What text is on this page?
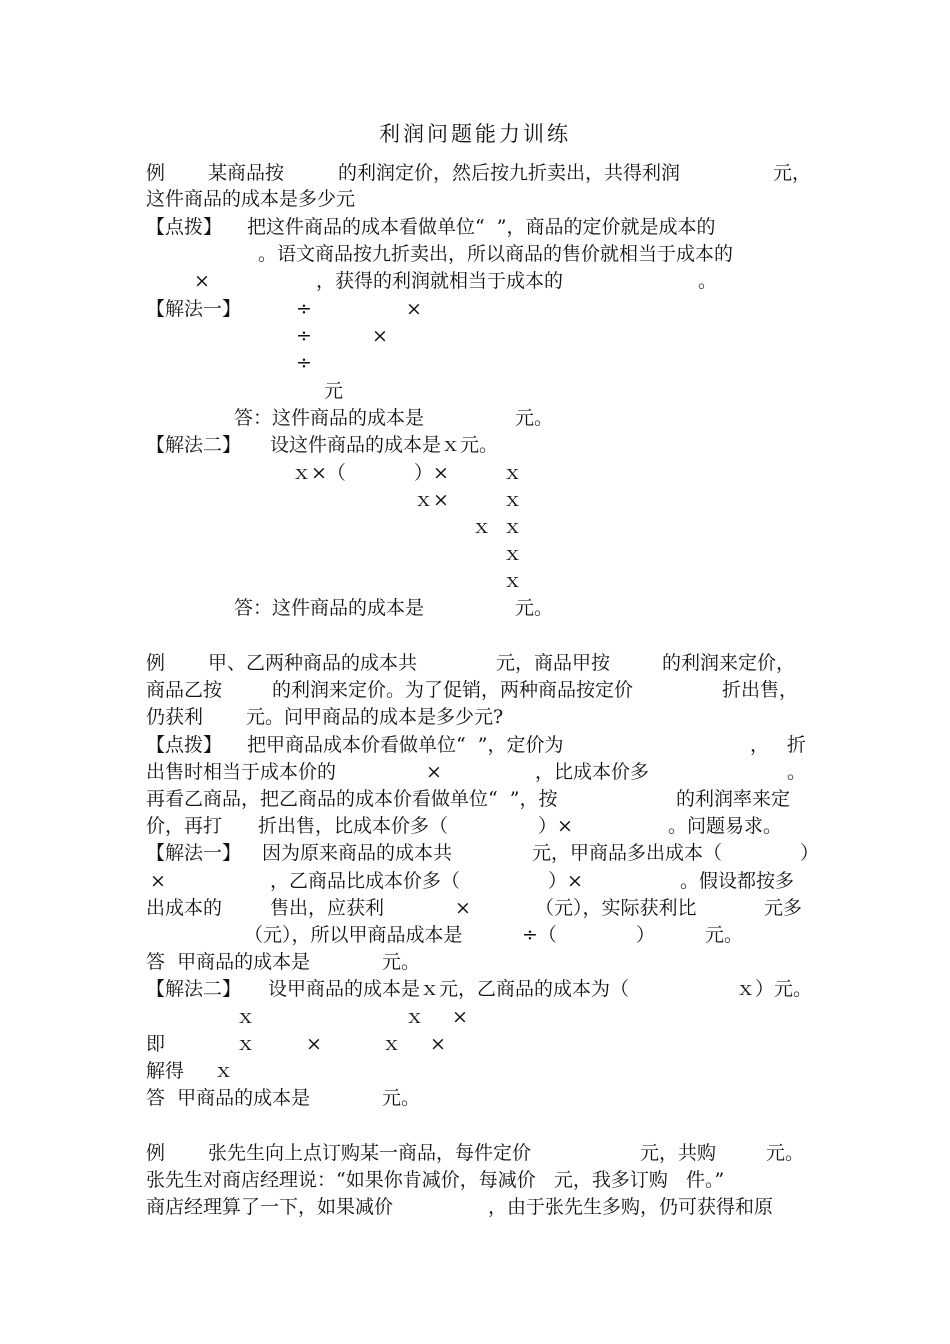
利润问题能力训练
例 某商品按	的利润定价，然后按九折卖出，共得利润	元，
这件商品的成本是多少元
【点拨】 把这件商品的成本看做单位“  ”，商品的定价就是成本的
。语文商品按九折卖出，所以商品的售价就相当于成本的
×	，获得的利润就相当于成本的	。
【解法一】	÷	×
÷	×
÷
元
答：这件商品的成本是	元。
【解法二】 设这件商品的成本是ｘ元。
ｘ×（	）×	ｘ
ｘ×	ｘ
ｘ ｘ
ｘ
ｘ
答：这件商品的成本是	元。
例 甲、乙两种商品的成本共	元，商品甲按	的利润来定价，
商品乙按	的利润来定价。为了促销，两种商品按定价	折出售，
仍获利 元。问甲商品的成本是多少元?
【点拨】 把甲商品成本价看做单位“  ”，定价为	， 折
出售时相当于成本价的	×	，比成本价多	。
再看乙商品，把乙商品的成本价看做单位“  ”，按	的利润率来定
价，再打 折出售，比成本价多（	）×	。问题易求。
【解法一】 因为原来商品的成本共	元，甲商品多出成本（	）
×	，乙商品比成本价多（	）×	。假设都按多
出成本的	售出，应获利	×	（元），实际获利比	元多
（元），所以甲商品成本是	÷（	）	元。
答  甲商品的成本是	元。
【解法二】 设甲商品的成本是ｘ元，乙商品的成本为（	ｘ）元。
ｘ	ｘ ×
即	ｘ	×	ｘ ×
解得 ｘ
答  甲商品的成本是	元。
例 张先生向上点订购某一商品，每件定价	元，共购	元。
张先生对商店经理说：“如果你肯减价，每减价   元，我多订购   件。”
商店经理算了一下，如果减价	，由于张先生多购，仍可获得和原
